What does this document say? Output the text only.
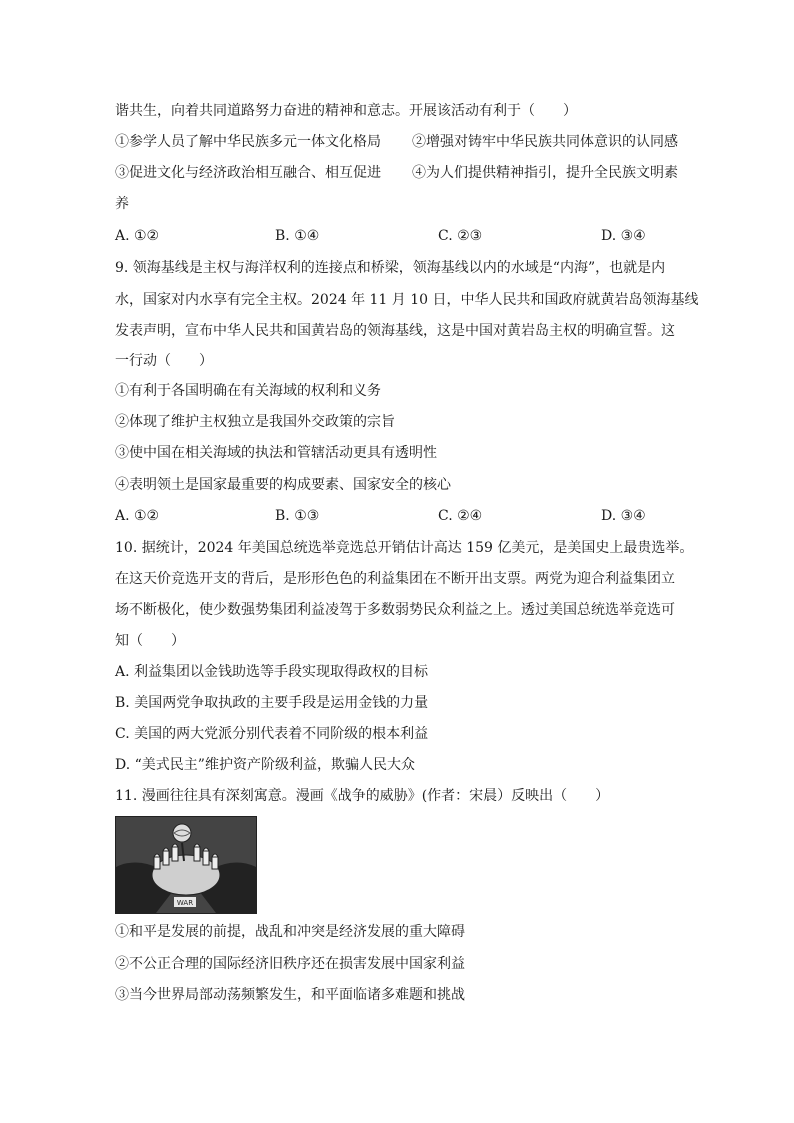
谐共生，向着共同道路努力奋进的精神和意志。开展该活动有利于（　　）
①参学人员了解中华民族多元一体文化格局 ②增强对铸牢中华民族共同体意识的认同感
③促进文化与经济政治相互融合、相互促进 ④为人们提供精神指引，提升全民族文明素
养
A. ①②	B. ①④	C. ②③	D. ③④
9. 领海基线是主权与海洋权利的连接点和桥梁，领海基线以内的水域是“内海”，也就是内
水，国家对内水享有完全主权。2024 年 11 月 10 日，中华人民共和国政府就黄岩岛领海基线
发表声明，宣布中华人民共和国黄岩岛的领海基线，这是中国对黄岩岛主权的明确宣誓。这
一行动（　　）
①有利于各国明确在有关海域的权利和义务
②体现了维护主权独立是我国外交政策的宗旨
③使中国在相关海域的执法和管辖活动更具有透明性
④表明领土是国家最重要的构成要素、国家安全的核心
A. ①②	B. ①③	C. ②④	D. ③④
10. 据统计，2024 年美国总统选举竞选总开销估计高达 159 亿美元，是美国史上最贵选举。
在这天价竞选开支的背后，是形形色色的利益集团在不断开出支票。两党为迎合利益集团立
场不断极化，使少数强势集团利益凌驾于多数弱势民众利益之上。透过美国总统选举竞选可
知（　　）
A. 利益集团以金钱助选等手段实现取得政权的目标
B. 美国两党争取执政的主要手段是运用金钱的力量
C. 美国的两大党派分别代表着不同阶级的根本利益
D. “美式民主”维护资产阶级利益，欺骗人民大众
11. 漫画往往具有深刻寓意。漫画《战争的威胁》(作者：宋晨）反映出（　　）
WAR
①和平是发展的前提，战乱和冲突是经济发展的重大障碍
②不公正合理的国际经济旧秩序还在损害发展中国家利益
③当今世界局部动荡频繁发生，和平面临诸多难题和挑战
